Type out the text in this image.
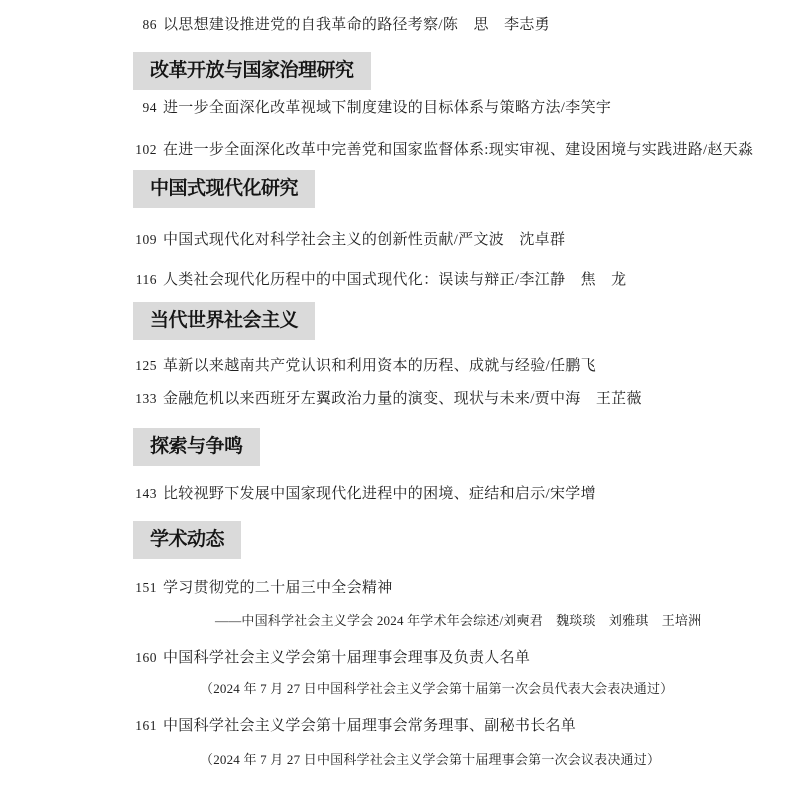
86 以思想建设推进党的自我革命的路径考察/陈　思　李志勇
改革开放与国家治理研究
94 进一步全面深化改革视域下制度建设的目标体系与策略方法/李笑宇
102 在进一步全面深化改革中完善党和国家监督体系:现实审视、建设困境与实践进路/赵天淼
中国式现代化研究
109 中国式现代化对科学社会主义的创新性贡献/严文波　沈卓群
116 人类社会现代化历程中的中国式现代化：误读与辩正/李江静　焦　龙
当代世界社会主义
125 革新以来越南共产党认识和利用资本的历程、成就与经验/任鹏飞
133 金融危机以来西班牙左翼政治力量的演变、现状与未来/贾中海　王芷薇
探索与争鸣
143 比较视野下发展中国家现代化进程中的困境、症结和启示/宋学增
学术动态
151 学习贯彻党的二十届三中全会精神
——中国科学社会主义学会 2024 年学术年会综述/刘奭君　魏琰琰　刘雅琪　王培洲
160 中国科学社会主义学会第十届理事会理事及负责人名单
（2024 年 7 月 27 日中国科学社会主义学会第十届第一次会员代表大会表决通过）
161 中国科学社会主义学会第十届理事会常务理事、副秘书长名单
（2024 年 7 月 27 日中国科学社会主义学会第十届理事会第一次会议表决通过）
